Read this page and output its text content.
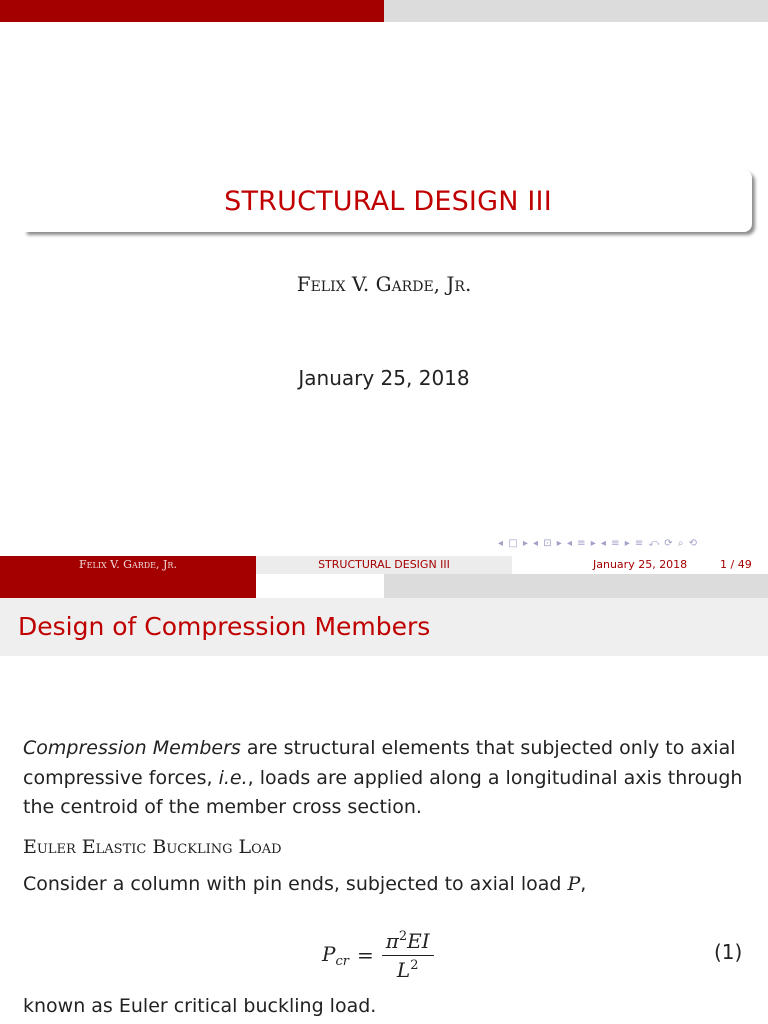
STRUCTURAL DESIGN III
Felix V. Garde, Jr.
January 25, 2018
◂ □ ▸ ◂ ⊡ ▸ ◂ ≡ ▸ ◂ ≡ ▸ ≡ ⤺ ⟳ ⌕ ⟲
Felix V. Garde, Jr.	STRUCTURAL DESIGN III	January 25, 2018	1 / 49
Design of Compression Members
Compression Members are structural elements that subjected only to axial compressive forces, i.e., loads are applied along a longitudinal axis through the centroid of the member cross section.
Euler Elastic Buckling Load
Consider a column with pin ends, subjected to axial load P,
$P_{cr} = \frac{\pi^2EI}{L^2}$	(1)
known as Euler critical buckling load.
